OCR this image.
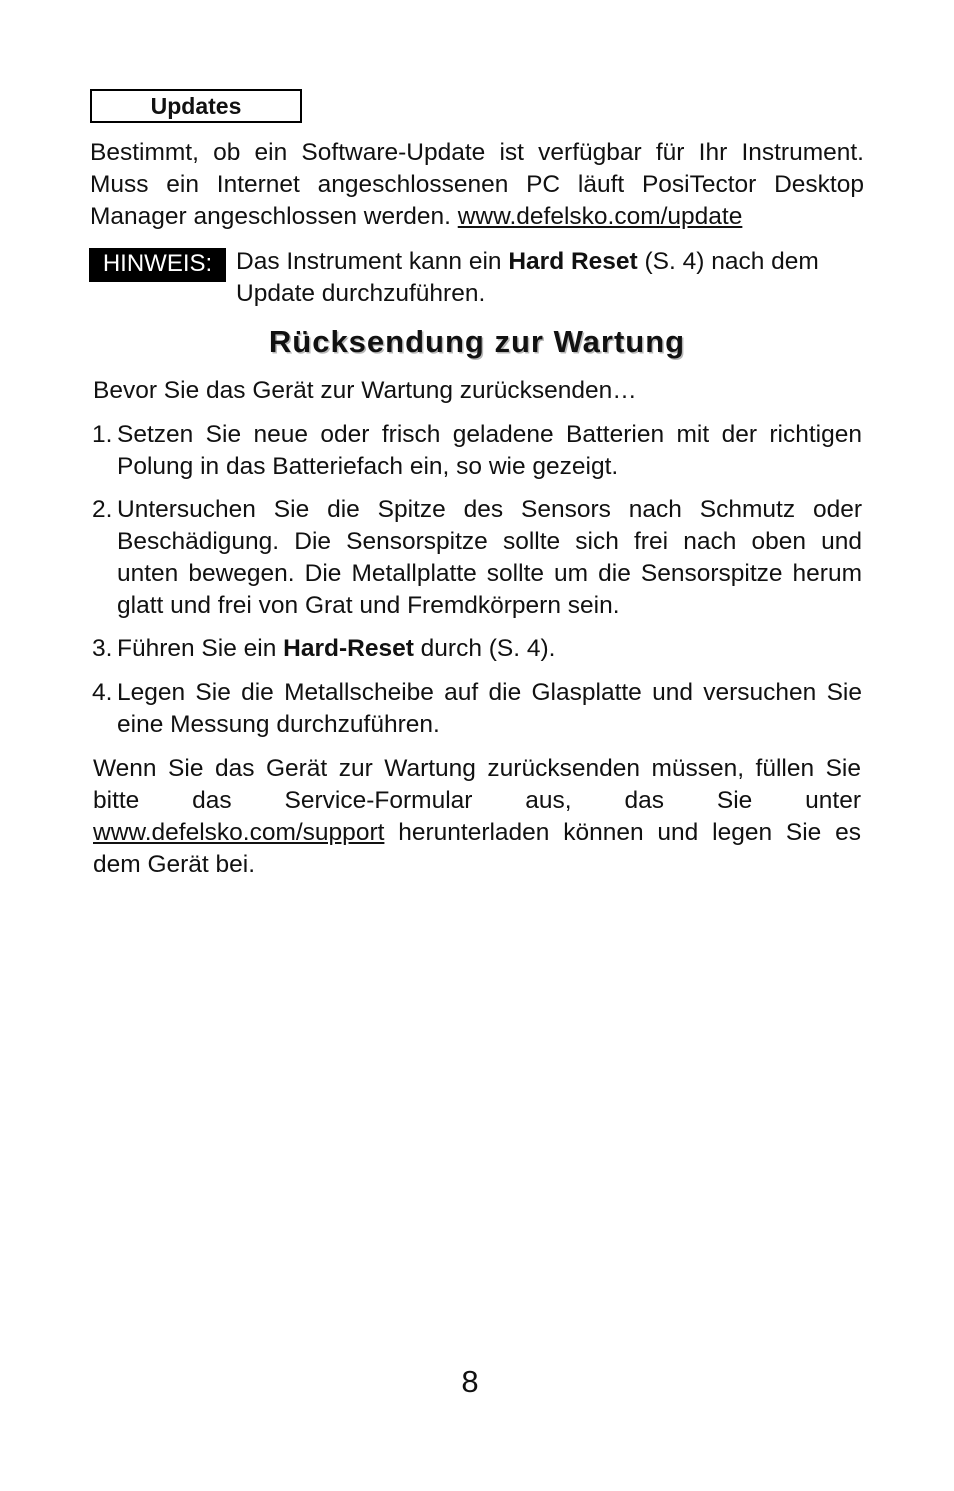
Updates

Bestimmt, ob ein Software-Update ist verfügbar für Ihr Instrument. Muss ein Internet angeschlossenen PC läuft PosiTector Desktop Manager angeschlossen werden. www.defelsko.com/update

HINWEIS: Das Instrument kann ein Hard Reset (S. 4) nach dem Update durchzuführen.
Rücksendung zur Wartung

Bevor Sie das Gerät zur Wartung zurücksenden…

1. Setzen Sie neue oder frisch geladene Batterien mit der richtigen Polung in das Batteriefach ein, so wie gezeigt.
2. Untersuchen Sie die Spitze des Sensors nach Schmutz oder Beschädigung. Die Sensorspitze sollte sich frei nach oben und unten bewegen. Die Metallplatte sollte um die Sensorspitze herum glatt und frei von Grat und Fremdkörpern sein.
3. Führen Sie ein Hard-Reset durch (S. 4).
4. Legen Sie die Metallscheibe auf die Glasplatte und versuchen Sie eine Messung durchzuführen.

Wenn Sie das Gerät zur Wartung zurücksenden müssen, füllen Sie bitte das Service-Formular aus, das Sie unter www.defelsko.com/support herunterladen können und legen Sie es dem Gerät bei.

8
